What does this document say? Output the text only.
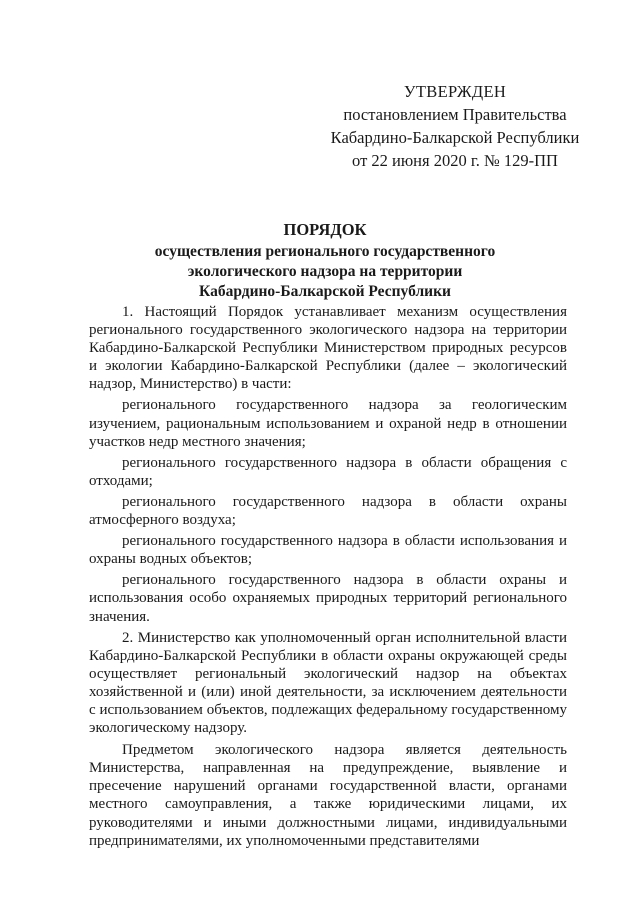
УТВЕРЖДЕН
постановлением Правительства
Кабардино-Балкарской Республики
от 22 июня 2020 г. № 129-ПП
ПОРЯДОК
осуществления регионального государственного
экологического надзора на территории
Кабардино-Балкарской Республики

1. Настоящий Порядок устанавливает механизм осуществления регионального государственного экологического надзора на территории Кабардино-Балкарской Республики Министерством природных ресурсов и экологии Кабардино-Балкарской Республики (далее – экологический надзор, Министерство) в части:

регионального государственного надзора за геологическим изучением, рациональным использованием и охраной недр в отношении участков недр местного значения;

регионального государственного надзора в области обращения с отходами;

регионального государственного надзора в области охраны атмосферного воздуха;

регионального государственного надзора в области использования и охраны водных объектов;

регионального государственного надзора в области охраны и использования особо охраняемых природных территорий регионального значения.

2. Министерство как уполномоченный орган исполнительной власти Кабардино-Балкарской Республики в области охраны окружающей среды осуществляет региональный экологический надзор на объектах хозяйственной и (или) иной деятельности, за исключением деятельности с использованием объектов, подлежащих федеральному государственному экологическому надзору.

Предметом экологического надзора является деятельность Министерства, направленная на предупреждение, выявление и пресечение нарушений органами государственной власти, органами местного самоуправления, а также юридическими лицами, их руководителями и иными должностными лицами, индивидуальными предпринимателями, их уполномоченными представителями
